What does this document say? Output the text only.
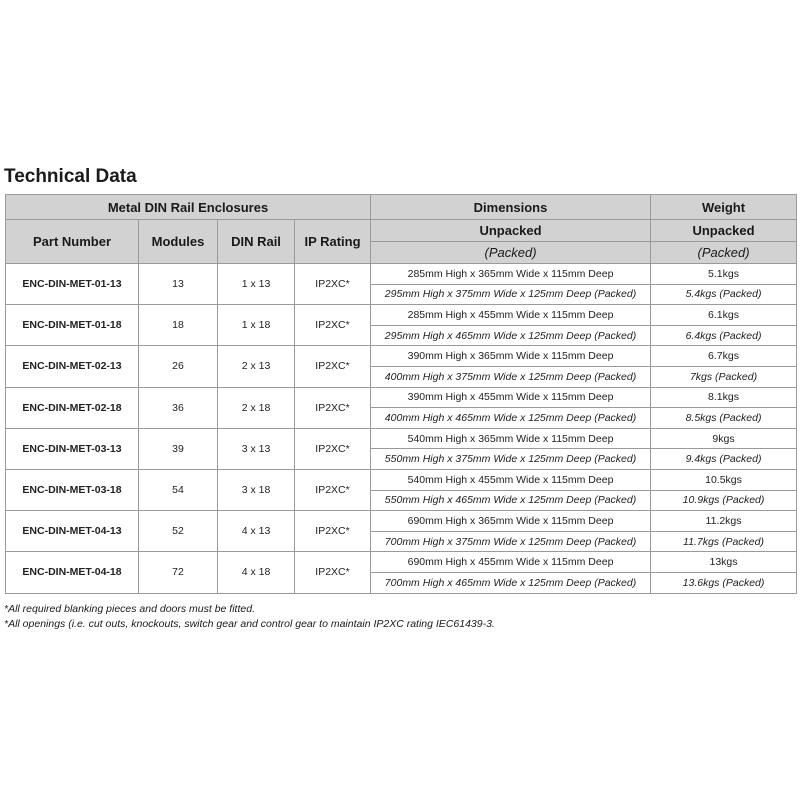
Technical Data
Metal DIN Rail Enclosures				Dimensions	Weight
Part Number	Modules	DIN Rail	IP Rating	Unpacked	Unpacked
				(Packed)	(Packed)
ENC-DIN-MET-01-13	13	1 x 13	IP2XC*	285mm High x 365mm Wide x 115mm Deep	5.1kgs
				295mm High x 375mm Wide x 125mm Deep (Packed)	5.4kgs (Packed)
ENC-DIN-MET-01-18	18	1 x 18	IP2XC*	285mm High x 455mm Wide x 115mm Deep	6.1kgs
				295mm High x 465mm Wide x 125mm Deep (Packed)	6.4kgs (Packed)
ENC-DIN-MET-02-13	26	2 x 13	IP2XC*	390mm High x 365mm Wide x 115mm Deep	6.7kgs
				400mm High x 375mm Wide x 125mm Deep (Packed)	7kgs (Packed)
ENC-DIN-MET-02-18	36	2 x 18	IP2XC*	390mm High x 455mm Wide x 115mm Deep	8.1kgs
				400mm High x 465mm Wide x 125mm Deep (Packed)	8.5kgs (Packed)
ENC-DIN-MET-03-13	39	3 x 13	IP2XC*	540mm High x 365mm Wide x 115mm Deep	9kgs
				550mm High x 375mm Wide x 125mm Deep (Packed)	9.4kgs (Packed)
ENC-DIN-MET-03-18	54	3 x 18	IP2XC*	540mm High x 455mm Wide x 115mm Deep	10.5kgs
				550mm High x 465mm Wide x 125mm Deep (Packed)	10.9kgs (Packed)
ENC-DIN-MET-04-13	52	4 x 13	IP2XC*	690mm High x 365mm Wide x 115mm Deep	11.2kgs
				700mm High x 375mm Wide x 125mm Deep (Packed)	11.7kgs (Packed)
ENC-DIN-MET-04-18	72	4 x 18	IP2XC*	690mm High x 455mm Wide x 115mm Deep	13kgs
				700mm High x 465mm Wide x 125mm Deep (Packed)	13.6kgs (Packed)
*All required blanking pieces and doors must be fitted.
*All openings (i.e. cut outs, knockouts, switch gear and control gear to maintain IP2XC rating IEC61439-3.
